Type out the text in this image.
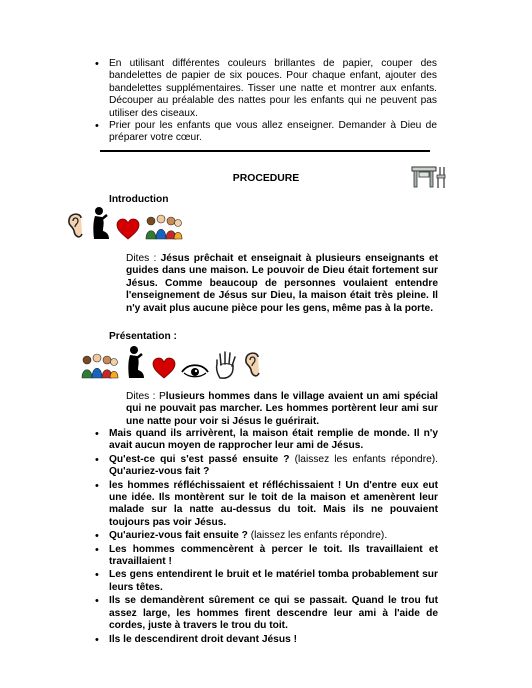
• En utilisant différentes couleurs brillantes de papier, couper des bandelettes de papier de six pouces. Pour chaque enfant, ajouter des bandelettes supplémentaires. Tisser une natte et montrer aux enfants. Découper au préalable des nattes pour les enfants qui ne peuvent pas utiliser des ciseaux.
• Prier pour les enfants que vous allez enseigner. Demander à Dieu de préparer votre cœur.
PROCEDURE
Introduction
Dites : Jésus prêchait et enseignait à plusieurs enseignants et guides dans une maison. Le pouvoir de Dieu était fortement sur Jésus. Comme beaucoup de personnes voulaient entendre l'enseignement de Jésus sur Dieu, la maison était très pleine. Il n'y avait plus aucune pièce pour les gens, même pas à la porte.
Présentation :
Dites : Plusieurs hommes dans le village avaient un ami spécial qui ne pouvait pas marcher. Les hommes portèrent leur ami sur une natte pour voir si Jésus le guérirait.
• Mais quand ils arrivèrent, la maison était remplie de monde. Il n'y avait aucun moyen de rapprocher leur ami de Jésus.
• Qu'est-ce qui s'est passé ensuite ? (laissez les enfants répondre). Qu'auriez-vous fait ?
• les hommes réfléchissaient et réfléchissaient ! Un d'entre eux eut une idée. Ils montèrent sur le toit de la maison et amenèrent leur malade sur la natte au-dessus du toit. Mais ils ne pouvaient toujours pas voir Jésus.
• Qu'auriez-vous fait ensuite ? (laissez les enfants répondre).
• Les hommes commencèrent à percer le toit. Ils travaillaient et travaillaient !
• Les gens entendirent le bruit et le matériel tomba probablement sur leurs têtes.
• Ils se demandèrent sûrement ce qui se passait. Quand le trou fut assez large, les hommes firent descendre leur ami à l'aide de cordes, juste à travers le trou du toit.
• Ils le descendirent droit devant Jésus !
